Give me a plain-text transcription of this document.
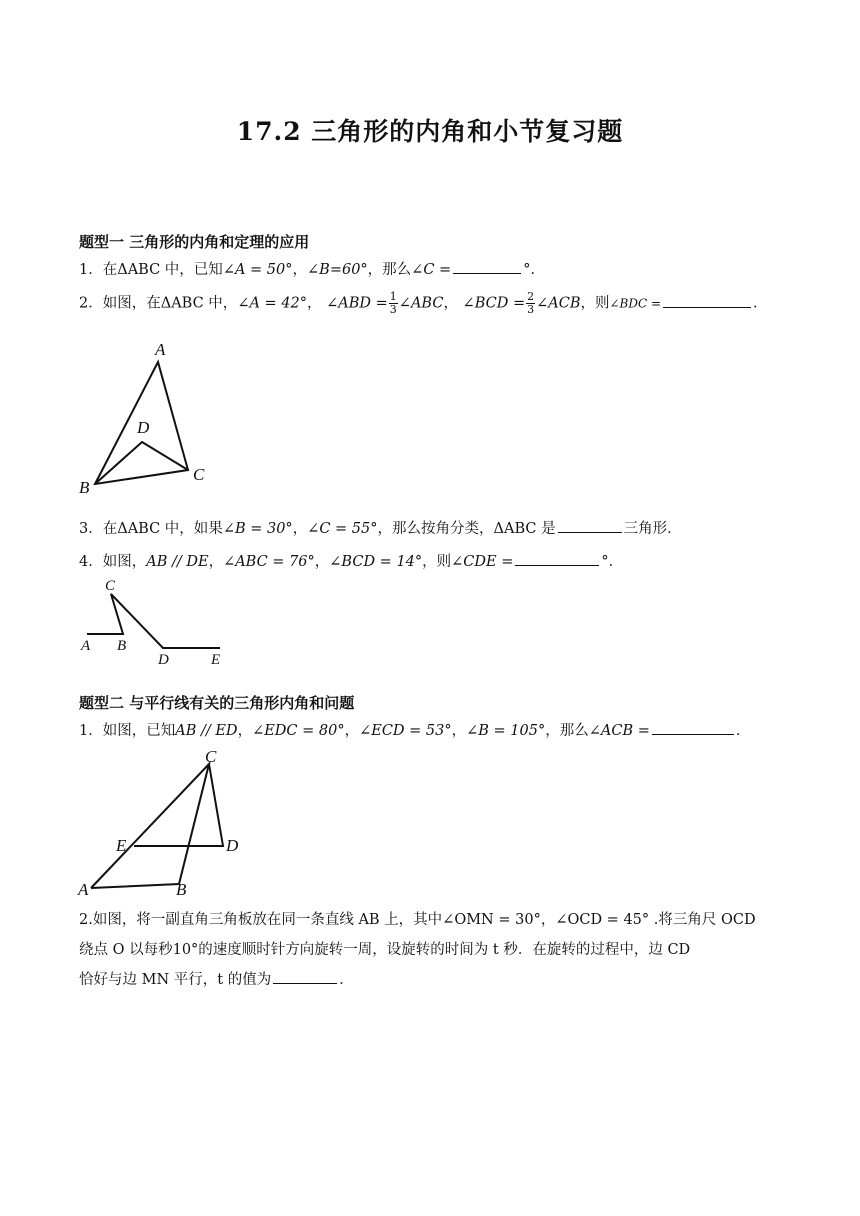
17.2 三角形的内角和小节复习题
题型一 三角形的内角和定理的应用
1．在ΔABC 中，已知∠A = 50°，∠B=60°，那么∠C =	°．
2．如图，在ΔABC 中，∠A = 42°， ∠ABD = $\frac{1}{3}$ ∠ABC， ∠BCD = $\frac{2}{3}$ ∠ACB，则∠BDC =	．
A
B
C
D
3．在ΔABC 中，如果∠B = 30°，∠C = 55°，那么按角分类，ΔABC 是	三角形．
4．如图，AB // DE，∠ABC = 76°，∠BCD = 14°，则∠CDE =	°．
C
A B
D	E
题型二 与平行线有关的三角形内角和问题
1．如图，已知AB // ED，∠EDC = 80°，∠ECD = 53°，∠B = 105°，那么∠ACB =	．
C
E	D
A	B
2.如图，将一副直角三角板放在同一条直线 AB 上，其中∠OMN = 30°，∠OCD = 45° .将三角尺 OCD
绕点 O 以每秒10°的速度顺时针方向旋转一周，设旋转的时间为 t 秒．在旋转的过程中，边 CD
恰好与边 MN 平行，t 的值为	．
